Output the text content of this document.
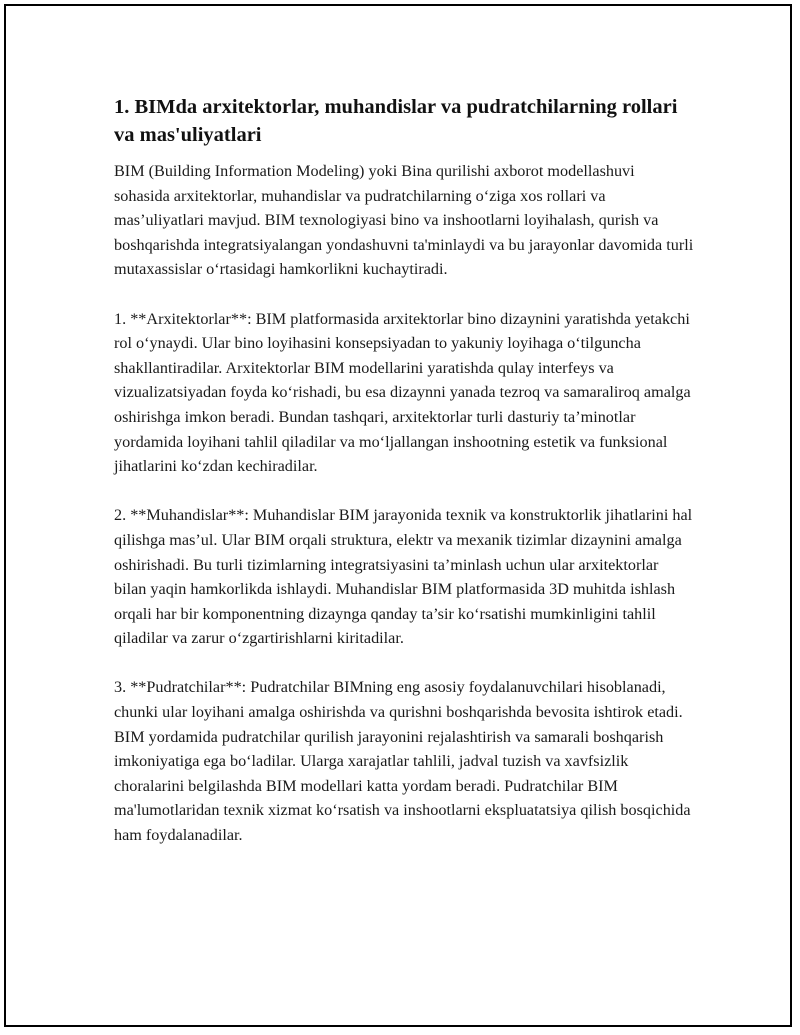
1. BIMda arxitektorlar, muhandislar va pudratchilarning rollari va mas'uliyatlari

BIM (Building Information Modeling) yoki Bina qurilishi axborot modellashuvi sohasida arxitektorlar, muhandislar va pudratchilarning o‘ziga xos rollari va mas’uliyatlari mavjud. BIM texnologiyasi bino va inshootlarni loyihalash, qurish va boshqarishda integratsiyalangan yondashuvni ta'minlaydi va bu jarayonlar davomida turli mutaxassislar o‘rtasidagi hamkorlikni kuchaytiradi.

1. **Arxitektorlar**: BIM platformasida arxitektorlar bino dizaynini yaratishda yetakchi rol o‘ynaydi. Ular bino loyihasini konsepsiyadan to yakuniy loyihaga o‘tilguncha shakllantiradilar. Arxitektorlar BIM modellarini yaratishda qulay interfeys va vizualizatsiyadan foyda ko‘rishadi, bu esa dizaynni yanada tezroq va samaraliroq amalga oshirishga imkon beradi. Bundan tashqari, arxitektorlar turli dasturiy ta’minotlar yordamida loyihani tahlil qiladilar va mo‘ljallangan inshootning estetik va funksional jihatlarini ko‘zdan kechiradilar.

2. **Muhandislar**: Muhandislar BIM jarayonida texnik va konstruktorlik jihatlarini hal qilishga mas’ul. Ular BIM orqali struktura, elektr va mexanik tizimlar dizaynini amalga oshirishadi. Bu turli tizimlarning integratsiyasini ta’minlash uchun ular arxitektorlar bilan yaqin hamkorlikda ishlaydi. Muhandislar BIM platformasida 3D muhitda ishlash orqali har bir komponentning dizaynga qanday ta’sir ko‘rsatishi mumkinligini tahlil qiladilar va zarur o‘zgartirishlarni kiritadilar.

3. **Pudratchilar**: Pudratchilar BIMning eng asosiy foydalanuvchilari hisoblanadi, chunki ular loyihani amalga oshirishda va qurishni boshqarishda bevosita ishtirok etadi. BIM yordamida pudratchilar qurilish jarayonini rejalashtirish va samarali boshqarish imkoniyatiga ega bo‘ladilar. Ularga xarajatlar tahlili, jadval tuzish va xavfsizlik choralarini belgilashda BIM modellari katta yordam beradi. Pudratchilar BIM ma'lumotlaridan texnik xizmat ko‘rsatish va inshootlarni ekspluatatsiya qilish bosqichida ham foydalanadilar.
